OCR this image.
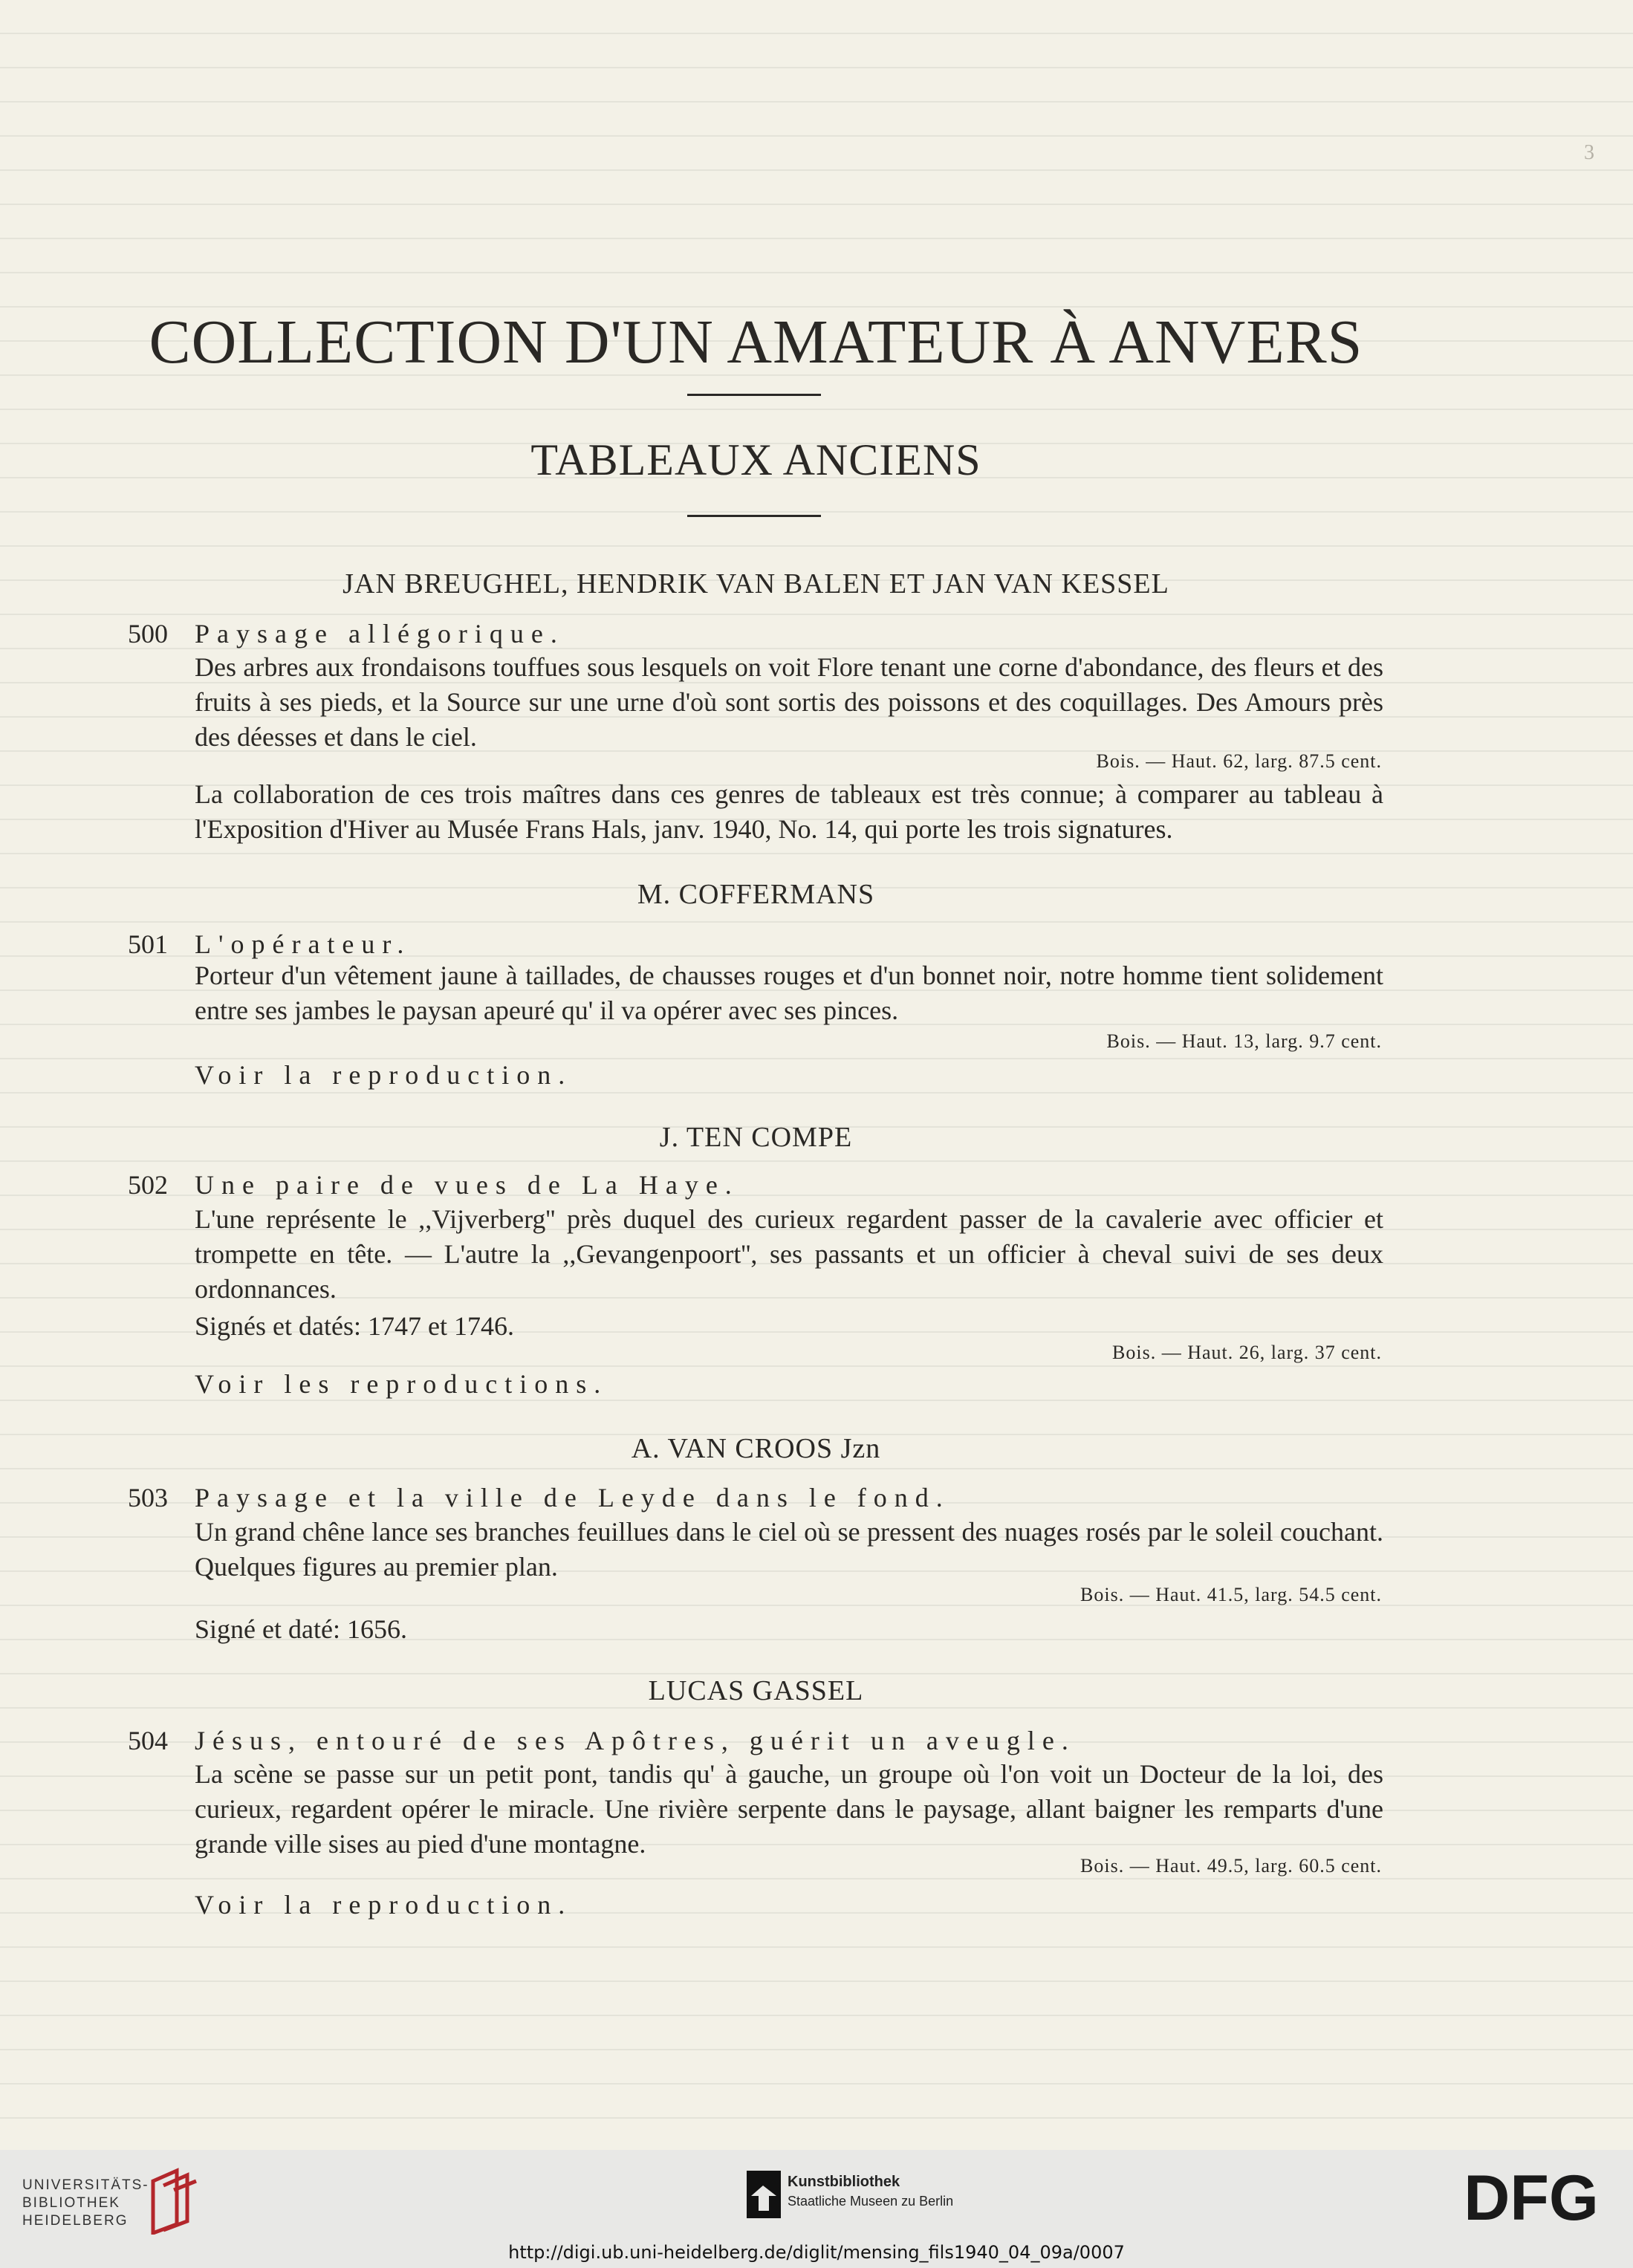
3
COLLECTION D'UN AMATEUR À ANVERS
TABLEAUX ANCIENS
JAN BREUGHEL, HENDRIK VAN BALEN ET JAN VAN KESSEL
500 Paysage allégorique.

Des arbres aux frondaisons touffues sous lesquels on voit Flore tenant une corne d'abondance, des fleurs et des fruits à ses pieds, et la Source sur une urne d'où sont sortis des poissons et des coquillages. Des Amours près des déesses et dans le ciel.

Bois. — Haut. 62, larg. 87.5 cent.

La collaboration de ces trois maîtres dans ces genres de tableaux est très connue; à comparer au tableau à l'Exposition d'Hiver au Musée Frans Hals, janv. 1940, No. 14, qui porte les trois signatures.

M. COFFERMANS
501 L'opérateur.

Porteur d'un vêtement jaune à taillades, de chausses rouges et d'un bonnet noir, notre homme tient solidement entre ses jambes le paysan apeuré qu' il va opérer avec ses pinces.

Bois. — Haut. 13, larg. 9.7 cent.
Voir la reproduction.
J. TEN COMPE
502 Une paire de vues de La Haye.

L'une représente le ,,Vijverberg'' près duquel des curieux regardent passer de la cavalerie avec officier et trompette en tête. — L'autre la ,,Gevangenpoort'', ses passants et un officier à cheval suivi de ses deux ordonnances.

Signés et datés: 1747 et 1746.
Bois. — Haut. 26, larg. 37 cent.
Voir les reproductions.
A. VAN CROOS Jzn
503 Paysage et la ville de Leyde dans le fond.

Un grand chêne lance ses branches feuillues dans le ciel où se pressent des nuages rosés par le soleil couchant. Quelques figures au premier plan.

Bois. — Haut. 41.5, larg. 54.5 cent.
Signé et daté: 1656.
LUCAS GASSEL
504 Jésus, entouré de ses Apôtres, guérit un aveugle.

La scène se passe sur un petit pont, tandis qu' à gauche, un groupe où l'on voit un Docteur de la loi, des curieux, regardent opérer le miracle. Une rivière serpente dans le paysage, allant baigner les remparts d'une grande ville sises au pied d'une montagne.

Bois. — Haut. 49.5, larg. 60.5 cent.
Voir la reproduction.
UNIVERSITÄTS-
BIBLIOTHEK
HEIDELBERG
Kunstbibliothek
Staatliche Museen zu Berlin	DFG
http://digi.ub.uni-heidelberg.de/diglit/mensing_fils1940_04_09a/0007
